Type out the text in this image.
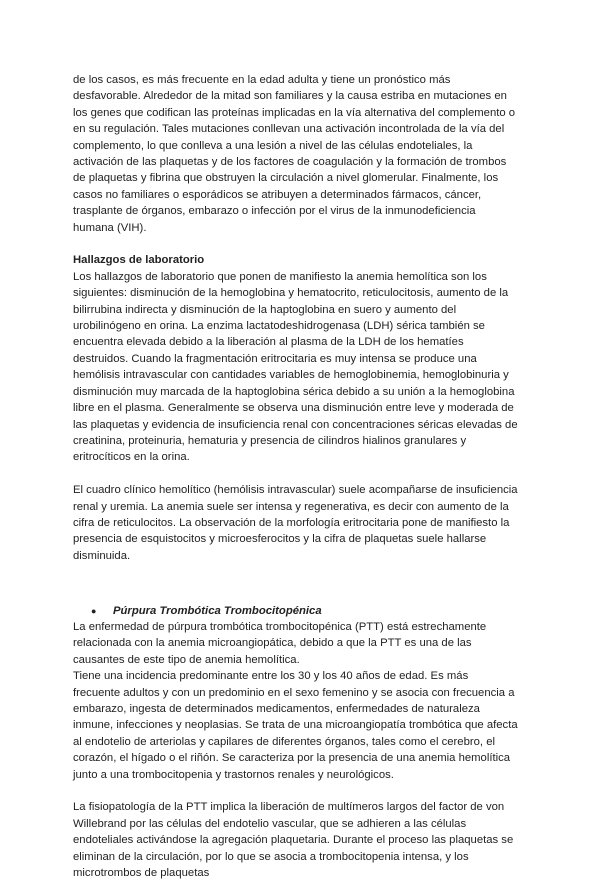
de los casos, es más frecuente en la edad adulta y tiene un pronóstico más desfavorable. Alrededor de la mitad son familiares y la causa estriba en mutaciones en los genes que codifican las proteínas implicadas en la vía alternativa del complemento o en su regulación. Tales mutaciones conllevan una activación incontrolada de la vía del complemento, lo que conlleva a una lesión a nivel de las células endoteliales, la activación de las plaquetas y de los factores de coagulación y la formación de trombos de plaquetas y fibrina que obstruyen la circulación a nivel glomerular. Finalmente, los casos no familiares o esporádicos se atribuyen a determinados fármacos, cáncer, trasplante de órganos, embarazo o infección por el virus de la inmunodeficiencia humana (VIH).

Hallazgos de laboratorio

Los hallazgos de laboratorio que ponen de manifiesto la anemia hemolítica son los siguientes: disminución de la hemoglobina y hematocrito, reticulocitosis, aumento de la bilirrubina indirecta y disminución de la haptoglobina en suero y aumento del urobilinógeno en orina. La enzima lactatodeshidrogenasa (LDH) sérica también se encuentra elevada debido a la liberación al plasma de la LDH de los hematíes destruidos. Cuando la fragmentación eritrocitaria es muy intensa se produce una hemólisis intravascular con cantidades variables de hemoglobinemia, hemoglobinuria y disminución muy marcada de la haptoglobina sérica debido a su unión a la hemoglobina libre en el plasma. Generalmente se observa una disminución entre leve y moderada de las plaquetas y evidencia de insuficiencia renal con concentraciones séricas elevadas de creatinina, proteinuria, hematuria y presencia de cilindros hialinos granulares y eritrocíticos en la orina.

El cuadro clínico hemolítico (hemólisis intravascular) suele acompañarse de insuficiencia renal y uremia. La anemia suele ser intensa y regenerativa, es decir con aumento de la cifra de reticulocitos. La observación de la morfología eritrocitaria pone de manifiesto la presencia de esquistocitos y microesferocitos y la cifra de plaquetas suele hallarse disminuida.

●	Púrpura Trombótica Trombocitopénica

La enfermedad de púrpura trombótica trombocitopénica (PTT) está estrechamente relacionada con la anemia microangiopática, debido a que la PTT es una de las causantes de este tipo de anemia hemolítica.

Tiene una incidencia predominante entre los 30 y los 40 años de edad. Es más frecuente adultos y con un predominio en el sexo femenino y se asocia con frecuencia a embarazo, ingesta de determinados medicamentos, enfermedades de naturaleza inmune, infecciones y neoplasias. Se trata de una microangiopatía trombótica que afecta al endotelio de arteriolas y capilares de diferentes órganos, tales como el cerebro, el corazón, el hígado o el riñón. Se caracteriza por la presencia de una anemia hemolítica junto a una trombocitopenia y trastornos renales y neurológicos.

La fisiopatología de la PTT implica la liberación de multímeros largos del factor de von Willebrand por las células del endotelio vascular, que se adhieren a las células endoteliales activándose la agregación plaquetaria. Durante el proceso las plaquetas se eliminan de la circulación, por lo que se asocia a trombocitopenia intensa, y los microtrombos de plaquetas
